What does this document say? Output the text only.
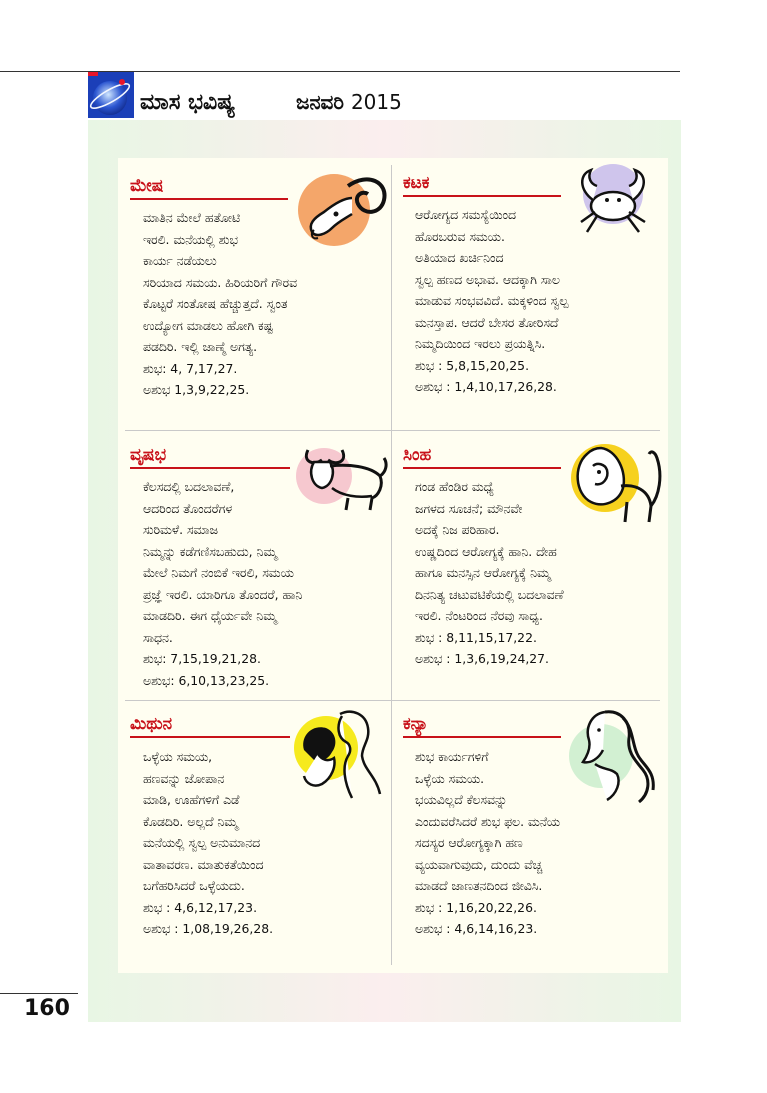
ಮಾಸ ಭವಿಷ್ಯ	ಜನವರಿ 2015
ಮೇಷ
ಮಾತಿನ ಮೇಲೆ ಹತೋಟಿ
ಇರಲಿ. ಮನೆಯಲ್ಲಿ ಶುಭ
ಕಾರ್ಯ ನಡೆಯಲು
ಸರಿಯಾದ ಸಮಯ. ಹಿರಿಯರಿಗೆ ಗೌರವ
ಕೊಟ್ಟರೆ ಸಂತೋಷ ಹೆಚ್ಚುತ್ತದೆ. ಸ್ವಂತ
ಉದ್ಯೋಗ ಮಾಡಲು ಹೋಗಿ ಕಷ್ಟ
ಪಡದಿರಿ. ಇಲ್ಲಿ ಜಾಣ್ಮೆ ಅಗತ್ಯ.
ಶುಭ: 4, 7,17,27.
ಅಶುಭ 1,3,9,22,25.
ಕಟಕ
ಆರೋಗ್ಯದ ಸಮಸ್ಯೆಯಿಂದ
ಹೊರಬರುವ ಸಮಯ.
ಅತಿಯಾದ ಖರ್ಚಿನಿಂದ
ಸ್ವಲ್ಪ ಹಣದ ಅಭಾವ. ಆದಕ್ಕಾಗಿ ಸಾಲ
ಮಾಡುವ ಸಂಭವವಿದೆ. ಮಕ್ಕಳಿಂದ ಸ್ವಲ್ಪ
ಮನಸ್ತಾಪ. ಆದರೆ ಬೇಸರ ತೋರಿಸದೆ
ನಿಮ್ಮದಿಯಿಂದ ಇರಲು ಪ್ರಯತ್ನಿಸಿ.
ಶುಭ : 5,8,15,20,25.
ಅಶುಭ : 1,4,10,17,26,28.
ವೃಷಭ
ಕೆಲಸದಲ್ಲಿ ಬದಲಾವಣೆ,
ಆದರಿಂದ ತೊಂದರೆಗಳ
ಸುರಿಮಳೆ. ಸಮಾಜ
ನಿಮ್ಮನ್ನು ಕಡೆಗಣಿಸಬಹುದು, ನಿಮ್ಮ
ಮೇಲೆ ನಿಮಗೆ ನಂಬಿಕೆ ಇರಲಿ, ಸಮಯ
ಪ್ರಜ್ಞೆ ಇರಲಿ. ಯಾರಿಗೂ ತೊಂದರೆ, ಹಾನಿ
ಮಾಡದಿರಿ. ಈಗ ಧೈರ್ಯವೇ ನಿಮ್ಮ
ಸಾಧನ.
ಶುಭ: 7,15,19,21,28.
ಅಶುಭ: 6,10,13,23,25.
ಸಿಂಹ
ಗಂಡ ಹೆಂಡಿರ ಮಧ್ಯೆ
ಜಗಳದ ಸೂಚನೆ; ಮೌನವೇ
ಅದಕ್ಕೆ ನಿಜ ಪರಿಹಾರ.
ಉಷ್ಣದಿಂದ ಆರೋಗ್ಯಕ್ಕೆ ಹಾನಿ. ದೇಹ
ಹಾಗೂ ಮನಸ್ಸಿನ ಆರೋಗ್ಯಕ್ಕೆ ನಿಮ್ಮ
ದಿನನಿತ್ಯ ಚಟುವಟಿಕೆಯಲ್ಲಿ ಬದಲಾವಣೆ
ಇರಲಿ. ನೆಂಟರಿಂದ ನೆರವು ಸಾಧ್ಯ.
ಶುಭ : 8,11,15,17,22.
ಅಶುಭ : 1,3,6,19,24,27.
ಮಿಥುನ
ಒಳ್ಳೆಯ ಸಮಯ,
ಹಣವನ್ನು ಜೋಪಾನ
ಮಾಡಿ, ಊಹೆಗಳಿಗೆ ಎಡೆ
ಕೊಡದಿರಿ. ಅಲ್ಲದೆ ನಿಮ್ಮ
ಮನೆಯಲ್ಲಿ ಸ್ವಲ್ಪ ಅನುಮಾನದ
ವಾತಾವರಣ. ಮಾತುಕತೆಯಿಂದ
ಬಗೆಹರಿಸಿದರೆ ಒಳ್ಳೆಯದು.
ಶುಭ : 4,6,12,17,23.
ಅಶುಭ : 1,08,19,26,28.
ಕನ್ಯಾ
ಶುಭ ಕಾರ್ಯಗಳಿಗೆ
ಒಳ್ಳೆಯ ಸಮಯ.
ಭಯವಿಲ್ಲದೆ ಕೆಲಸವನ್ನು
ಎಂದುವರೆಸಿದರೆ ಶುಭ ಫಲ. ಮನೆಯ
ಸದಸ್ಯರ ಆರೋಗ್ಯಕ್ಕಾಗಿ ಹಣ
ವ್ಯಯವಾಗುವುದು, ದುಂದು ವೆಚ್ಚ
ಮಾಡದೆ ಜಾಣತನದಿಂದ ಜೀವಿಸಿ.
ಶುಭ : 1,16,20,22,26.
ಅಶುಭ : 4,6,14,16,23.
160
